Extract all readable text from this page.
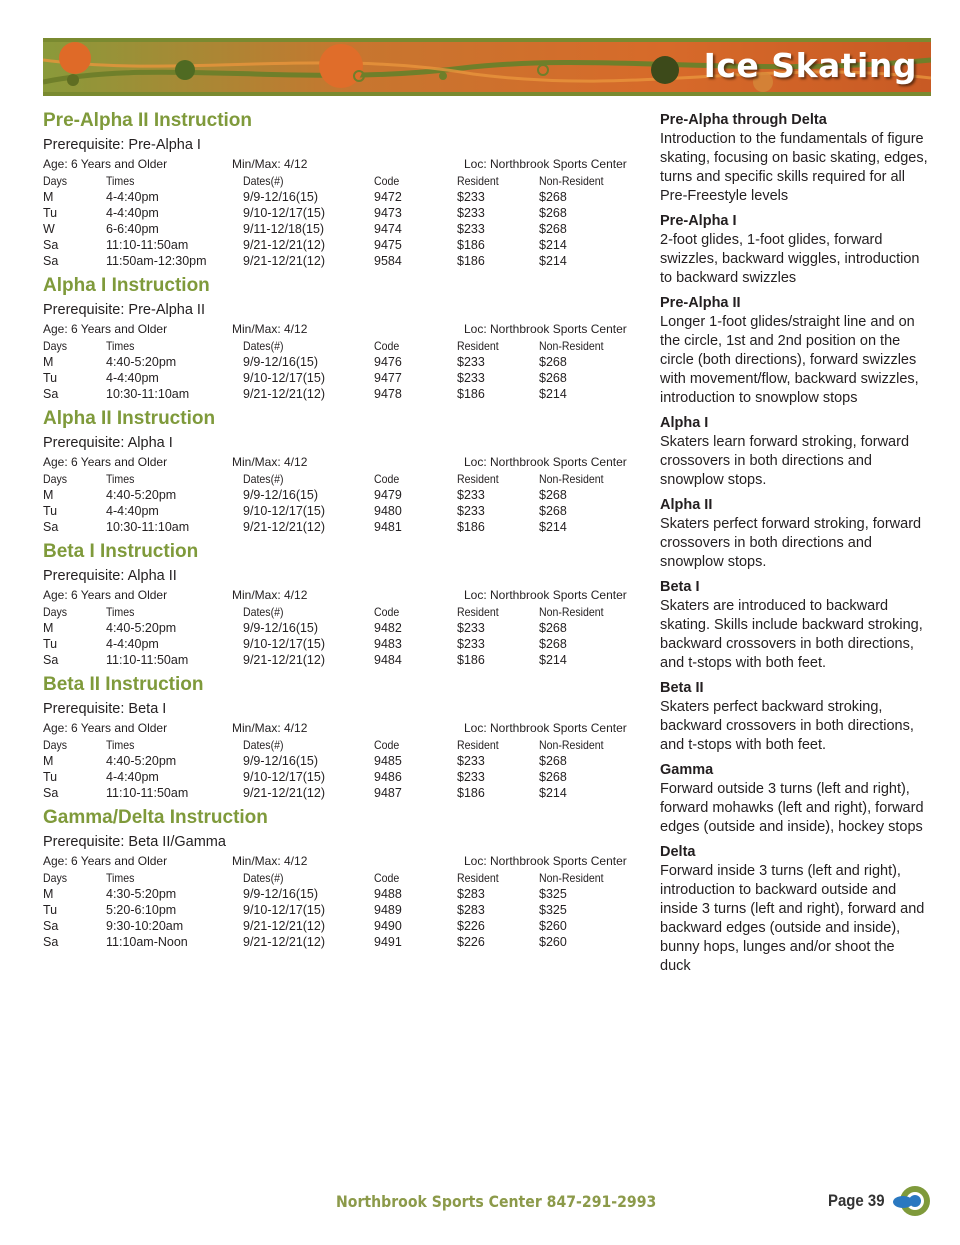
Ice Skating
Pre-Alpha II Instruction
Prerequisite: Pre-Alpha I
Age: 6 Years and Older	Min/Max: 4/12	Loc: Northbrook Sports Center
Days	Times	Dates(#)	Code	Resident	Non-Resident
M	4-4:40pm	9/9-12/16(15)	9472	$233	$268
Tu	4-4:40pm	9/10-12/17(15)	9473	$233	$268
W	6-6:40pm	9/11-12/18(15)	9474	$233	$268
Sa	11:10-11:50am	9/21-12/21(12)	9475	$186	$214
Sa	11:50am-12:30pm	9/21-12/21(12)	9584	$186	$214
Alpha I Instruction
Prerequisite: Pre-Alpha II
Age: 6 Years and Older	Min/Max: 4/12	Loc: Northbrook Sports Center
Days	Times	Dates(#)	Code	Resident	Non-Resident
M	4:40-5:20pm	9/9-12/16(15)	9476	$233	$268
Tu	4-4:40pm	9/10-12/17(15)	9477	$233	$268
Sa	10:30-11:10am	9/21-12/21(12)	9478	$186	$214
Alpha II Instruction
Prerequisite: Alpha I
Age: 6 Years and Older	Min/Max: 4/12	Loc: Northbrook Sports Center
Days	Times	Dates(#)	Code	Resident	Non-Resident
M	4:40-5:20pm	9/9-12/16(15)	9479	$233	$268
Tu	4-4:40pm	9/10-12/17(15)	9480	$233	$268
Sa	10:30-11:10am	9/21-12/21(12)	9481	$186	$214
Beta I Instruction
Prerequisite: Alpha II
Age: 6 Years and Older	Min/Max: 4/12	Loc: Northbrook Sports Center
Days	Times	Dates(#)	Code	Resident	Non-Resident
M	4:40-5:20pm	9/9-12/16(15)	9482	$233	$268
Tu	4-4:40pm	9/10-12/17(15)	9483	$233	$268
Sa	11:10-11:50am	9/21-12/21(12)	9484	$186	$214
Beta II Instruction
Prerequisite: Beta I
Age: 6 Years and Older	Min/Max: 4/12	Loc: Northbrook Sports Center
Days	Times	Dates(#)	Code	Resident	Non-Resident
M	4:40-5:20pm	9/9-12/16(15)	9485	$233	$268
Tu	4-4:40pm	9/10-12/17(15)	9486	$233	$268
Sa	11:10-11:50am	9/21-12/21(12)	9487	$186	$214
Gamma/Delta Instruction
Prerequisite: Beta II/Gamma
Age: 6 Years and Older	Min/Max: 4/12	Loc: Northbrook Sports Center
Days	Times	Dates(#)	Code	Resident	Non-Resident
M	4:30-5:20pm	9/9-12/16(15)	9488	$283	$325
Tu	5:20-6:10pm	9/10-12/17(15)	9489	$283	$325
Sa	9:30-10:20am	9/21-12/21(12)	9490	$226	$260
Sa	11:10am-Noon	9/21-12/21(12)	9491	$226	$260
Pre-Alpha through Delta
Introduction to the fundamentals of figure skating, focusing on basic skating, edges, turns and specific skills required for all Pre-Freestyle levels
Pre-Alpha I
2-foot glides, 1-foot glides, forward swizzles, backward wiggles, introduction to backward swizzles
Pre-Alpha II
Longer 1-foot glides/straight line and on the circle, 1st and 2nd position on the circle (both directions), forward swizzles with movement/flow, backward swizzles, introduction to snowplow stops
Alpha I
Skaters learn forward stroking, forward crossovers in both directions and snowplow stops.
Alpha II
Skaters perfect forward stroking, forward crossovers in both directions and snowplow stops.
Beta I
Skaters are introduced to backward skating. Skills include backward stroking, backward crossovers in both directions, and t-stops with both feet.
Beta II
Skaters perfect backward stroking, backward crossovers in both directions, and t-stops with both feet.
Gamma
Forward outside 3 turns (left and right), forward mohawks (left and right), forward edges (outside and inside), hockey stops
Delta
Forward inside 3 turns (left and right), introduction to backward outside and inside 3 turns (left and right), forward and backward edges (outside and inside), bunny hops, lunges and/or shoot the duck
Northbrook Sports Center 847-291-2993	Page 39
